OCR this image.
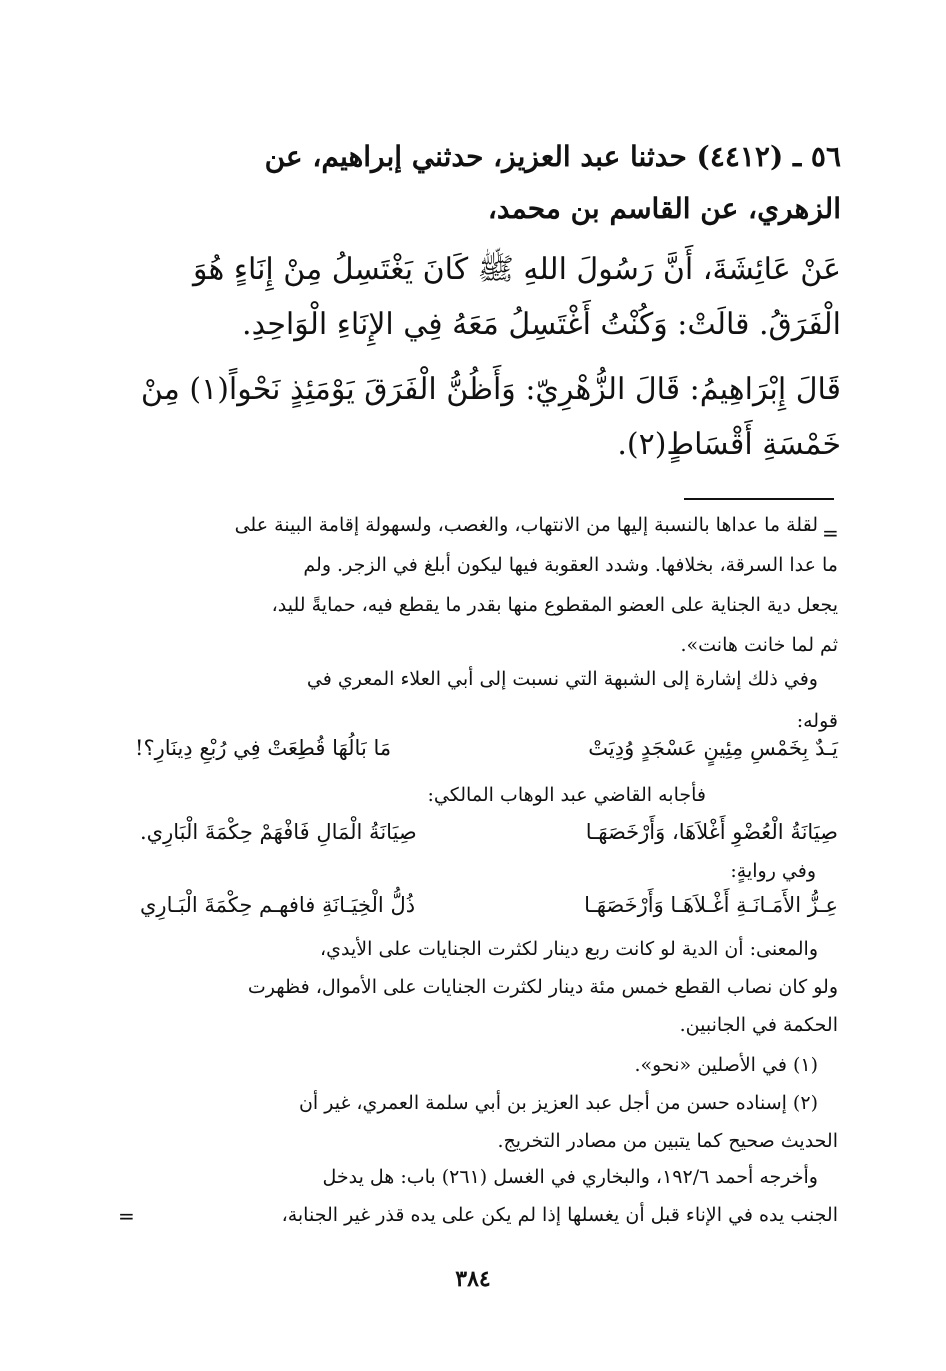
٥٦ ـ (٤٤١٢) حدثنا عبد العزيز، حدثني إبراهيم، عن
الزهري، عن القاسم بن محمد،
عَنْ عَائِشَةَ، أَنَّ رَسُولَ اللهِ ﷺ كَانَ يَغْتَسِلُ مِنْ إِنَاءٍ هُوَ
الْفَرَقُ. قالَتْ: وَكُنْتُ أَغْتَسِلُ مَعَهُ فِي الإِنَاءِ الْوَاحِدِ.
قَالَ إِبْرَاهِيمُ: قَالَ الزُّهْرِيّ: وَأَظُنُّ الْفَرَقَ يَوْمَئِذٍ نَحْواً(١) مِنْ
خَمْسَةِ أَقْسَاطٍ(٢).
=
لقلة ما عداها بالنسبة إليها من الانتهاب، والغصب، ولسهولة إقامة البينة على
ما عدا السرقة، بخلافها. وشدد العقوبة فيها ليكون أبلغ في الزجر. ولم
يجعل دية الجناية على العضو المقطوع منها بقدر ما يقطع فيه، حمايةً لليد،
ثم لما خانت هانت».
وفي ذلك إشارة إلى الشبهة التي نسبت إلى أبي العلاء المعري في
قوله:
يَـدٌ بِخَمْسِ مِئِينٍ عَسْجَدٍ وُدِيَتْ
مَا بَالُهَا قُطِعَتْ فِي رُبْعِ دِينَارِ؟!
فأجابه القاضي عبد الوهاب المالكي:
صِيَانَةُ الْعُضْوِ أَغْلاَهَا، وَأَرْخَصَهَـا
صِيَانَةُ الْمَالِ فَافْهَمْ حِكْمَةَ الْبَارِي.
وفي روايةٍ:
عِـزُّ الأَمَـانَـةِ أَغْـلاَهَـا وَأَرْخَصَهَـا
ذُلُّ الْخِيَـانَةِ فافهـم حِكْمَةَ الْبَـارِي
والمعنى: أن الدية لو كانت ربع دينار لكثرت الجنايات على الأيدي،
ولو كان نصاب القطع خمس مئة دينار لكثرت الجنايات على الأموال، فظهرت
الحكمة في الجانبين.
(١) في الأصلين «نحو».
(٢) إسناده حسن من أجل عبد العزيز بن أبي سلمة العمري، غير أن
الحديث صحيح كما يتبين من مصادر التخريج.
وأخرجه أحمد ١٩٢/٦، والبخاري في الغسل (٢٦١) باب: هل يدخل
الجنب يده في الإناء قبل أن يغسلها إذا لم يكن على يده قذر غير الجنابة،
=
٣٨٤
